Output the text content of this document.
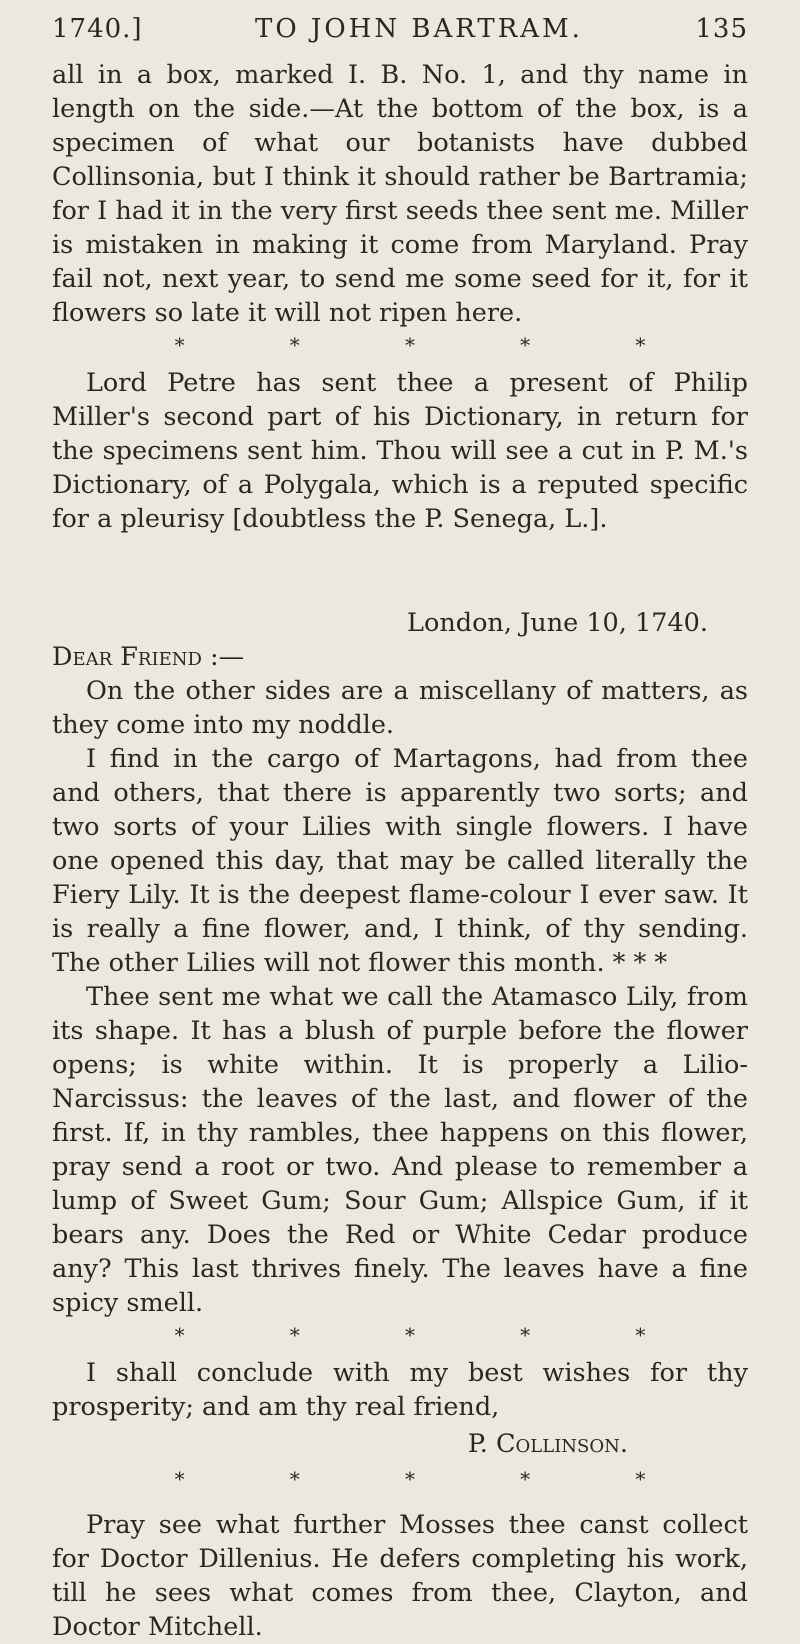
1740.]	TO JOHN BARTRAM.	135

all in a box, marked I. B. No. 1, and thy name in length on the side.—At the bottom of the box, is a specimen of what our botanists have dubbed Collinsonia, but I think it should rather be Bartramia; for I had it in the very first seeds thee sent me. Miller is mistaken in making it come from Maryland. Pray fail not, next year, to send me some seed for it, for it flowers so late it will not ripen here.

*	*	*	*	*

Lord Petre has sent thee a present of Philip Miller's second part of his Dictionary, in return for the specimens sent him. Thou will see a cut in P. M.'s Dictionary, of a Polygala, which is a reputed specific for a pleurisy [doubtless the P. Senega, L.].

London, June 10, 1740.
Dear Friend :—

On the other sides are a miscellany of matters, as they come into my noddle.

I find in the cargo of Martagons, had from thee and others, that there is apparently two sorts; and two sorts of your Lilies with single flowers. I have one opened this day, that may be called literally the Fiery Lily. It is the deepest flame-colour I ever saw. It is really a fine flower, and, I think, of thy sending. The other Lilies will not flower this month. * * *

Thee sent me what we call the Atamasco Lily, from its shape. It has a blush of purple before the flower opens; is white within. It is properly a Lilio-Narcissus: the leaves of the last, and flower of the first. If, in thy rambles, thee happens on this flower, pray send a root or two. And please to remember a lump of Sweet Gum; Sour Gum; Allspice Gum, if it bears any. Does the Red or White Cedar produce any? This last thrives finely. The leaves have a fine spicy smell.

*	*	*	*	*

I shall conclude with my best wishes for thy prosperity; and am thy real friend,

P. Collinson.
*	*	*	*	*

Pray see what further Mosses thee canst collect for Doctor Dillenius. He defers completing his work, till he sees what comes from thee, Clayton, and Doctor Mitchell.
